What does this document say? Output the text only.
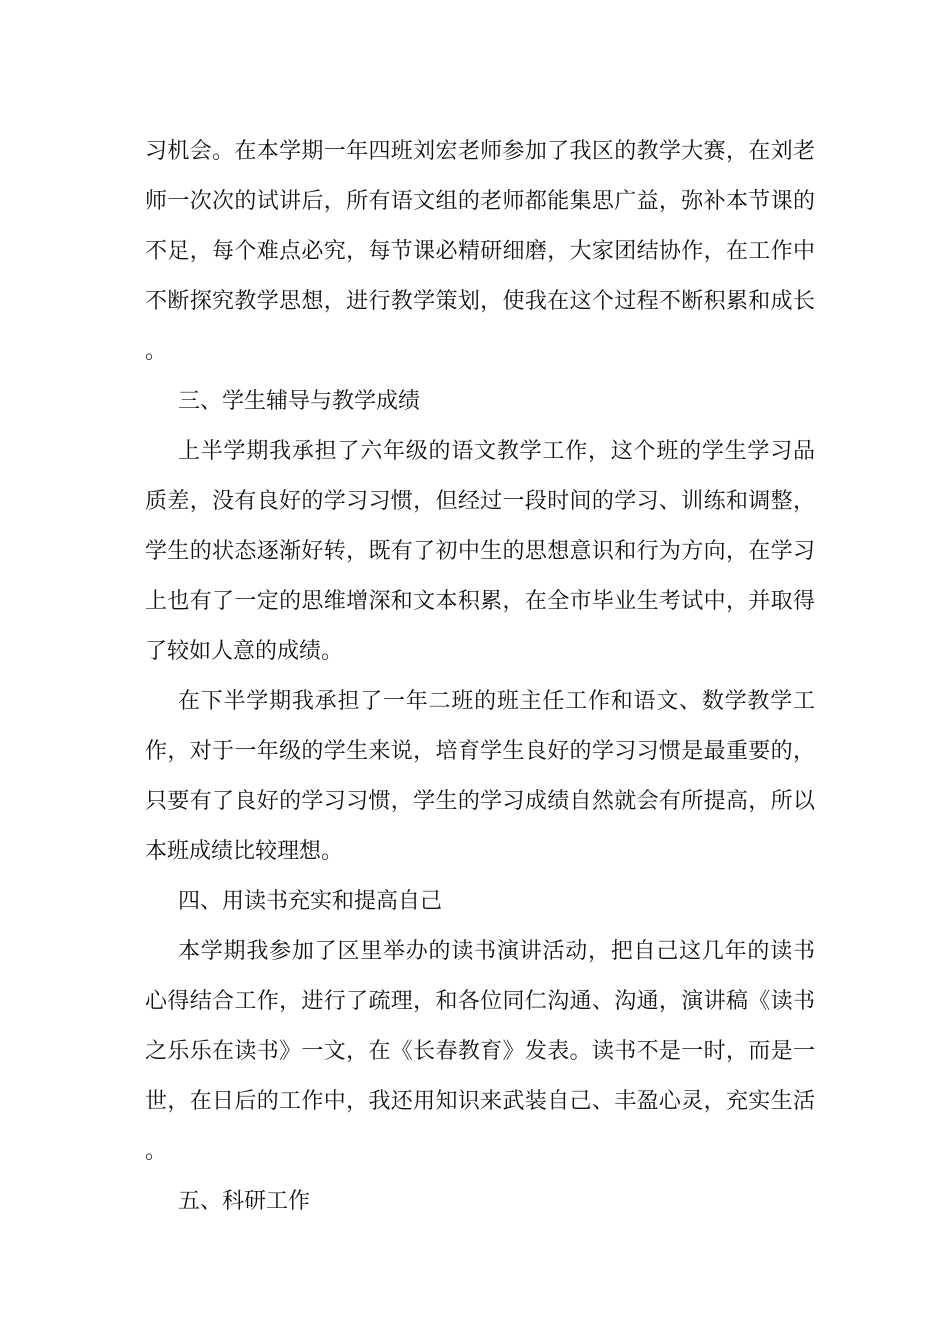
习机会。在本学期一年四班刘宏老师参加了我区的教学大赛，在刘老师一次次的试讲后，所有语文组的老师都能集思广益，弥补本节课的不足，每个难点必究，每节课必精研细磨，大家团结协作，在工作中不断探究教学思想，进行教学策划，使我在这个过程不断积累和成长。

三、学生辅导与教学成绩

上半学期我承担了六年级的语文教学工作，这个班的学生学习品质差，没有良好的学习习惯，但经过一段时间的学习、训练和调整，学生的状态逐渐好转，既有了初中生的思想意识和行为方向，在学习上也有了一定的思维增深和文本积累，在全市毕业生考试中，并取得了较如人意的成绩。

在下半学期我承担了一年二班的班主任工作和语文、数学教学工作，对于一年级的学生来说，培育学生良好的学习习惯是最重要的，只要有了良好的学习习惯，学生的学习成绩自然就会有所提高，所以本班成绩比较理想。

四、用读书充实和提高自己

本学期我参加了区里举办的读书演讲活动，把自己这几年的读书心得结合工作，进行了疏理，和各位同仁沟通、沟通，演讲稿《读书之乐乐在读书》一文，在《长春教育》发表。读书不是一时，而是一世，在日后的工作中，我还用知识来武装自己、丰盈心灵，充实生活。

五、科研工作
